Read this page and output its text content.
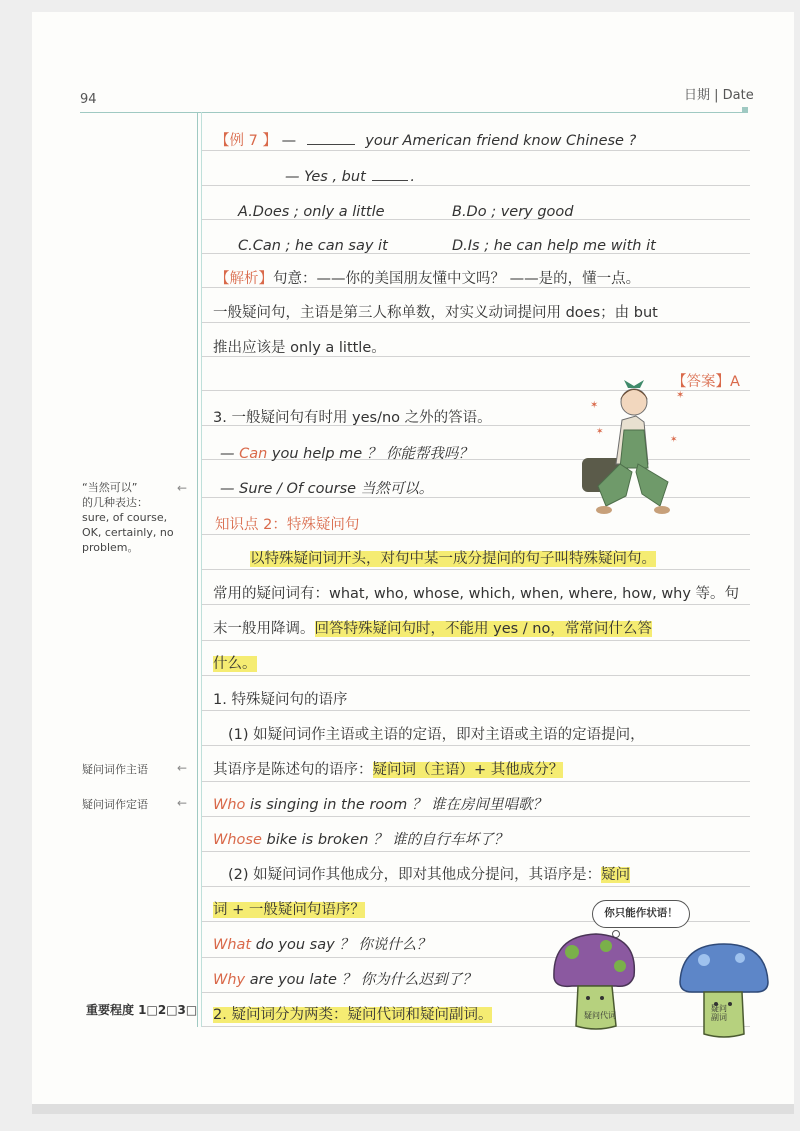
94	日期 | Date
【例 7 】 —	your American friend know Chinese ?
— Yes , but	.
A.Does ; only a little	B.Do ; very good
C.Can ; he can say it	D.Is ; he can help me with it
【解析】句意：——你的美国朋友懂中文吗？ ——是的，懂一点。
一般疑问句，主语是第三人称单数，对实义动词提问用 does；由 but
推出应该是 only a little。
【答案】A
3. 一般疑问句有时用 yes/no 之外的答语。
— Can you help me ？ 你能帮我吗？
— Sure / Of course 当然可以。
知识点 2：特殊疑问句
以特殊疑问词开头，对句中某一成分提问的句子叫特殊疑问句。
常用的疑问词有：what, who, whose, which, when, where, how, why 等。句
末一般用降调。回答特殊疑问句时，不能用 yes / no，常常问什么答
什么。
1. 特殊疑问句的语序
(1) 如疑问词作主语或主语的定语，即对主语或主语的定语提问，
其语序是陈述句的语序：疑问词（主语）+ 其他成分？
Who is singing in the room ？ 谁在房间里唱歌？
Whose bike is broken ？ 谁的自行车坏了？
(2) 如疑问词作其他成分，即对其他成分提问，其语序是：疑问
词 + 一般疑问句语序？
What do you say ？ 你说什么？
Why are you late ？ 你为什么迟到了？
2. 疑问词分为两类：疑问代词和疑问副词。
“当然可以”
的几种表达：
sure, of course,
OK, certainly, no
problem。
←
疑问词作主语 ←
疑问词作定语 ←
重要程度 1□2□3□
✶
✶
✶
✶
你只能作状语！
疑问代词
疑问副词
